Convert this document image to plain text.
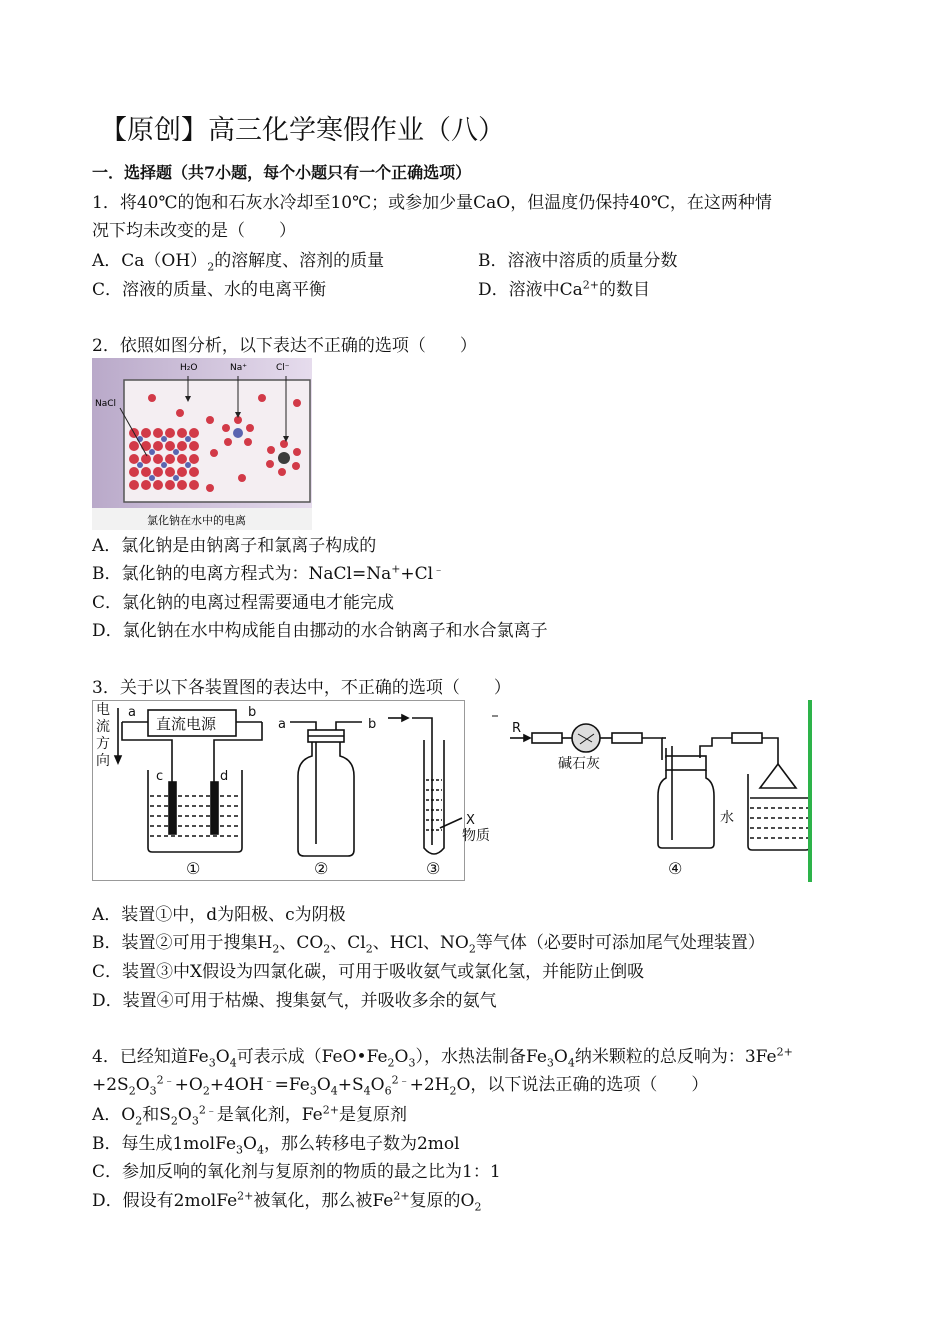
【原创】高三化学寒假作业（八）
一．选择题（共7小题，每个小题只有一个正确选项）
1．将40℃的饱和石灰水冷却至10℃；或参加少量CaO，但温度仍保持40℃，在这两种情
况下均未改变的是（　　）
A．$Ca(OH)_2$的溶解度、溶剂的质量	B．溶液中溶质的质量分数
C．溶液的质量、水的电离平衡	D．溶液中$Ca^{2+}$的数目
2．依照如图分析，以下表达不正确的选项（　　）
H₂O	Na⁺	Cl⁻
NaCl
氯化钠在水中的电离
A．氯化钠是由钠离子和氯离子构成的
B．氯化钠的电离方程式为：NaCl=Na++Cl﹣
C．氯化钠的电离过程需要通电才能完成
D．氯化钠在水中构成能自由挪动的水合钠离子和水合氯离子
3．关于以下各装置图的表达中，不正确的选项（　　）
电
流
方
向
a	b
直流电源
c	d
①
a	b
②
X
物质
③
R
碱石灰
水
④
A．装置①中，d为阳极、c为阴极
B．装置②可用于搜集$H_2$、$CO_2$、$Cl_2$、HCl、$NO_2$等气体（必要时可添加尾气处理装置）
C．装置③中X假设为四氯化碳，可用于吸收氨气或氯化氢，并能防止倒吸
D．装置④可用于枯燥、搜集氨气，并吸收多余的氨气
4．已经知道$Fe_3O_4$可表示成$(FeO•Fe_2O_3)$，水热法制备$Fe_3O_4$纳米颗粒的总反响为：$3Fe^{2+}$
$+2S_2O_3^{2﹣}+O_2+4OH^﹣=Fe_3O_4+S_4O_6^{2﹣}+2H_2O$，以下说法正确的选项（　　）
A．$O_2$和$S_2O_3^{2﹣}$是氧化剂，$Fe^{2+}$是复原剂
B．每生成$1molFe_3O_4$，那么转移电子数为2mol
C．参加反响的氧化剂与复原剂的物质的最之比为1：1
D．假设有2molFe$^{2+}$被氧化，那么被$Fe^{2+}$复原的$O_2$
